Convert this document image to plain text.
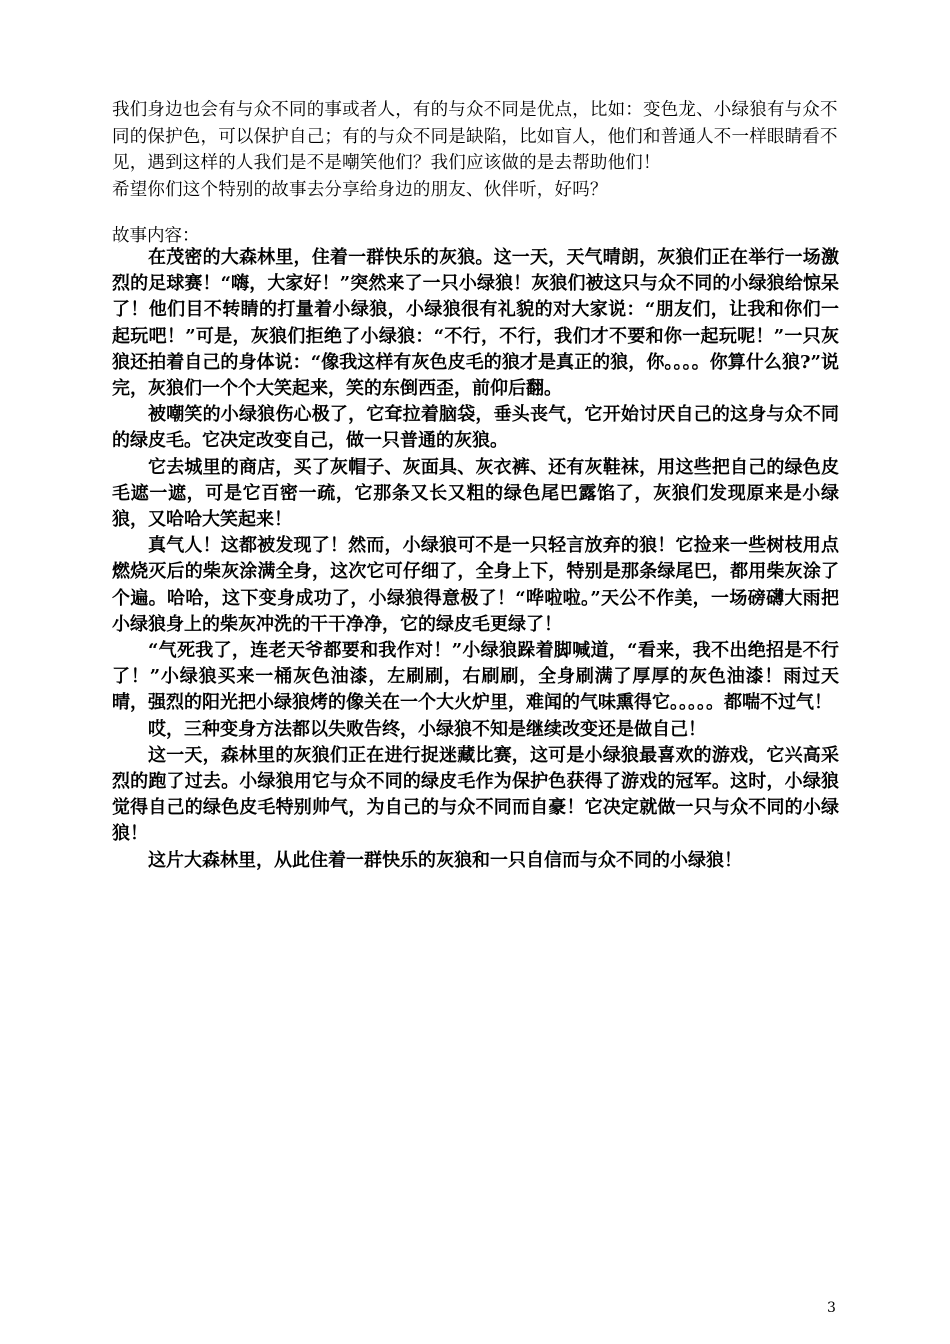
我们身边也会有与众不同的事或者人，有的与众不同是优点，比如：变色龙、小绿狼有与众不同的保护色，可以保护自己；有的与众不同是缺陷，比如盲人，他们和普通人不一样眼睛看不见，遇到这样的人我们是不是嘲笑他们？我们应该做的是去帮助他们！

希望你们这个特别的故事去分享给身边的朋友、伙伴听，好吗？

故事内容：

在茂密的大森林里，住着一群快乐的灰狼。这一天，天气晴朗，灰狼们正在举行一场激烈的足球赛！“嗨，大家好！”突然来了一只小绿狼！灰狼们被这只与众不同的小绿狼给惊呆了！他们目不转睛的打量着小绿狼，小绿狼很有礼貌的对大家说：“朋友们，让我和你们一起玩吧！”可是，灰狼们拒绝了小绿狼：“不行，不行，我们才不要和你一起玩呢！”一只灰狼还拍着自己的身体说：“像我这样有灰色皮毛的狼才是真正的狼，你。。。。你算什么狼?”说完，灰狼们一个个大笑起来，笑的东倒西歪，前仰后翻。

被嘲笑的小绿狼伤心极了，它耷拉着脑袋，垂头丧气，它开始讨厌自己的这身与众不同的绿皮毛。它决定改变自己，做一只普通的灰狼。

它去城里的商店，买了灰帽子、灰面具、灰衣裤、还有灰鞋袜，用这些把自己的绿色皮毛遮一遮，可是它百密一疏，它那条又长又粗的绿色尾巴露馅了，灰狼们发现原来是小绿狼，又哈哈大笑起来！

真气人！这都被发现了！然而，小绿狼可不是一只轻言放弃的狼！它捡来一些树枝用点燃烧灭后的柴灰涂满全身，这次它可仔细了，全身上下，特别是那条绿尾巴，都用柴灰涂了个遍。哈哈，这下变身成功了，小绿狼得意极了！“哗啦啦。”天公不作美，一场磅礴大雨把小绿狼身上的柴灰冲洗的干干净净，它的绿皮毛更绿了！

“气死我了，连老天爷都要和我作对！”小绿狼跺着脚喊道，“看来，我不出绝招是不行了！”小绿狼买来一桶灰色油漆，左刷刷，右刷刷，全身刷满了厚厚的灰色油漆！雨过天晴，强烈的阳光把小绿狼烤的像关在一个大火炉里，难闻的气味熏得它。。。。。都喘不过气！

哎，三种变身方法都以失败告终，小绿狼不知是继续改变还是做自己！

这一天，森林里的灰狼们正在进行捉迷藏比赛，这可是小绿狼最喜欢的游戏，它兴高采烈的跑了过去。小绿狼用它与众不同的绿皮毛作为保护色获得了游戏的冠军。这时，小绿狼觉得自己的绿色皮毛特别帅气，为自己的与众不同而自豪！它决定就做一只与众不同的小绿狼！

这片大森林里，从此住着一群快乐的灰狼和一只自信而与众不同的小绿狼！

3
